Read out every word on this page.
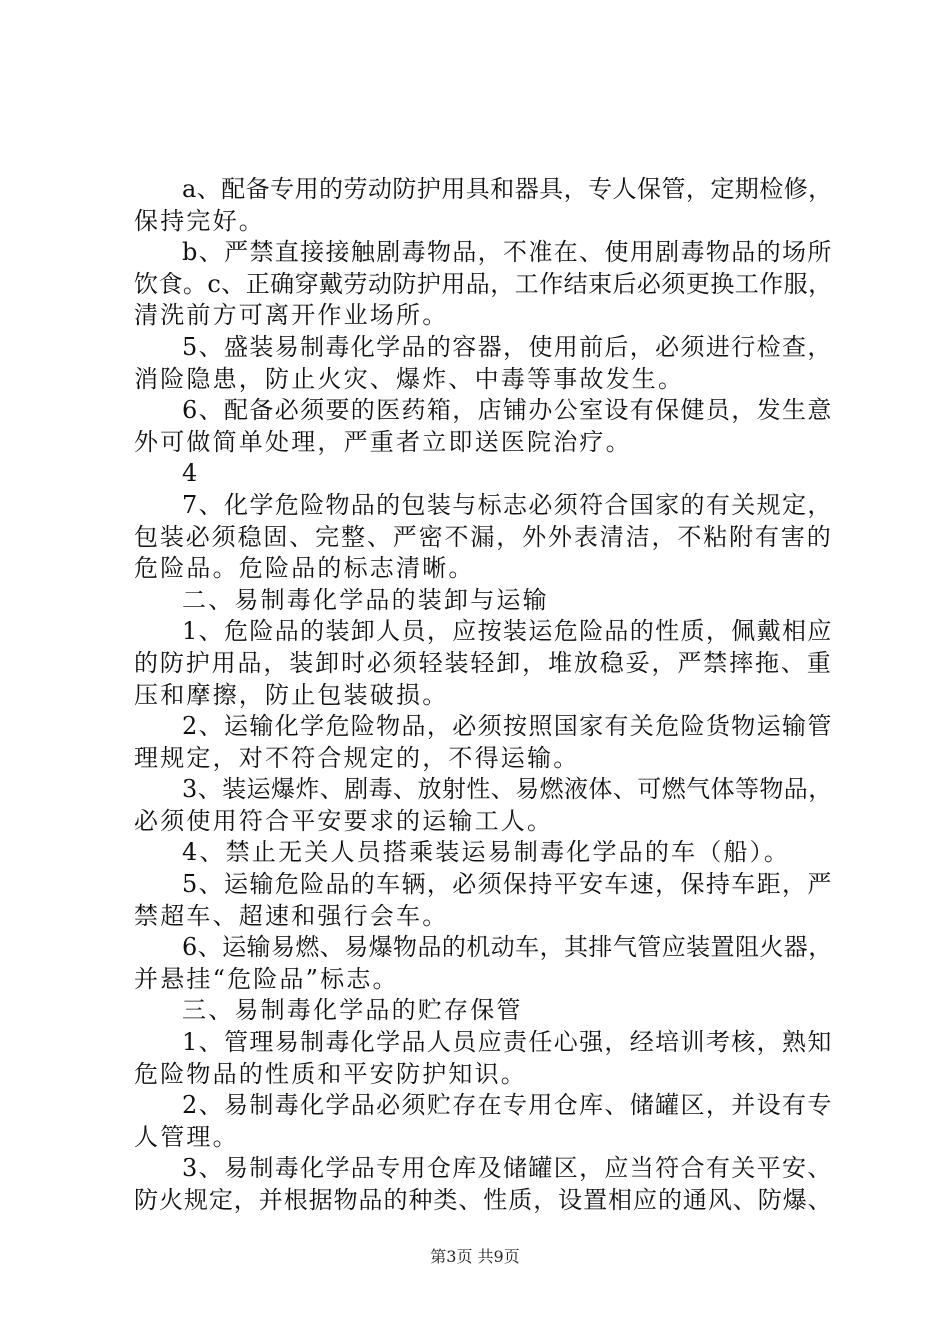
a、配备专用的劳动防护用具和器具，专人保管，定期检修，
保持完好。
b、严禁直接接触剧毒物品，不准在、使用剧毒物品的场所
饮食。c、正确穿戴劳动防护用品，工作结束后必须更换工作服，
清洗前方可离开作业场所。
5、盛装易制毒化学品的容器，使用前后，必须进行检查，
消险隐患，防止火灾、爆炸、中毒等事故发生。
6、配备必须要的医药箱，店铺办公室设有保健员，发生意
外可做简单处理，严重者立即送医院治疗。
4
7、化学危险物品的包装与标志必须符合国家的有关规定，
包装必须稳固、完整、严密不漏，外外表清洁，不粘附有害的
危险品。危险品的标志清晰。
二、易制毒化学品的装卸与运输
1、危险品的装卸人员，应按装运危险品的性质，佩戴相应
的防护用品，装卸时必须轻装轻卸，堆放稳妥，严禁摔拖、重
压和摩擦，防止包装破损。
2、运输化学危险物品，必须按照国家有关危险货物运输管
理规定，对不符合规定的，不得运输。
3、装运爆炸、剧毒、放射性、易燃液体、可燃气体等物品，
必须使用符合平安要求的运输工人。
4、禁止无关人员搭乘装运易制毒化学品的车（船）。
5、运输危险品的车辆，必须保持平安车速，保持车距，严
禁超车、超速和强行会车。
6、运输易燃、易爆物品的机动车，其排气管应装置阻火器，
并悬挂“危险品”标志。
三、易制毒化学品的贮存保管
1、管理易制毒化学品人员应责任心强，经培训考核，熟知
危险物品的性质和平安防护知识。
2、易制毒化学品必须贮存在专用仓库、储罐区，并设有专
人管理。
3、易制毒化学品专用仓库及储罐区，应当符合有关平安、
防火规定，并根据物品的种类、性质，设置相应的通风、防爆、
第3页 共9页
